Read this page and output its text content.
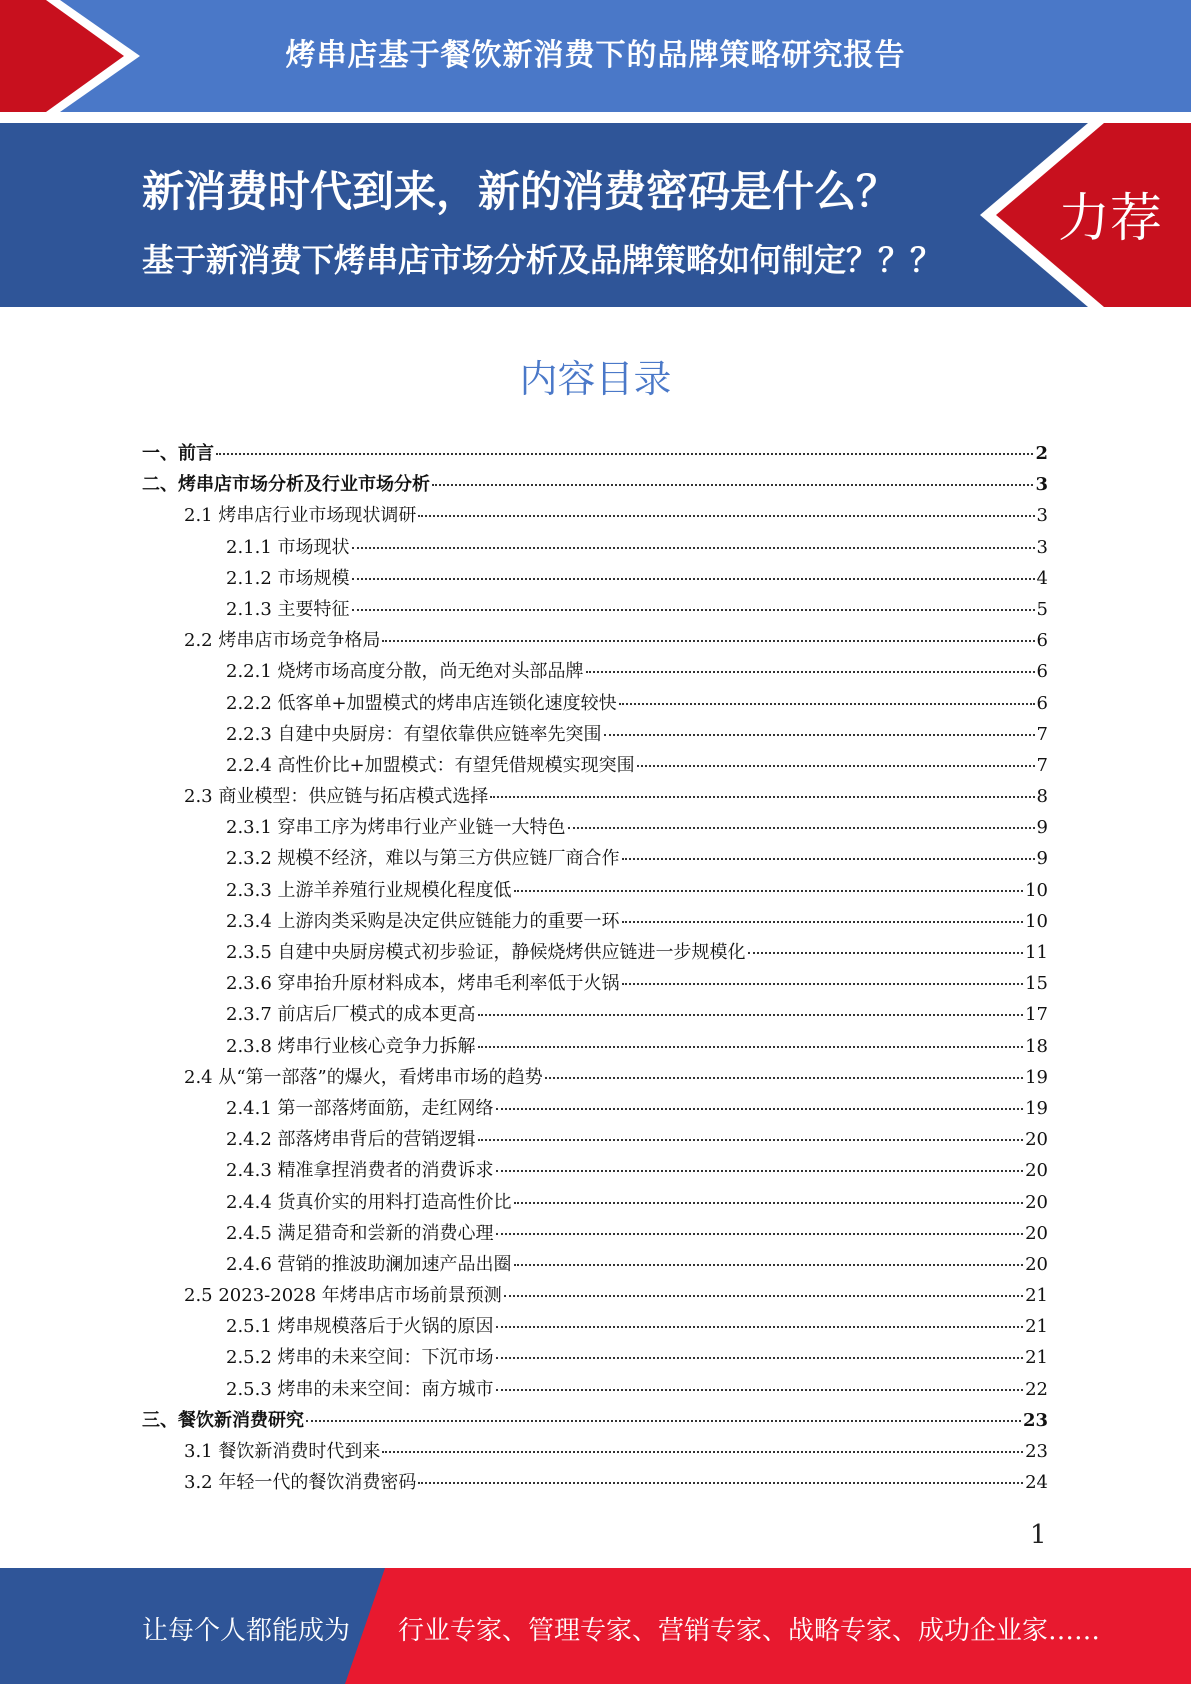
烤串店基于餐饮新消费下的品牌策略研究报告
新消费时代到来，新的消费密码是什么？
基于新消费下烤串店市场分析及品牌策略如何制定？？？
力荐
内容目录
一、前言	2
二、烤串店市场分析及行业市场分析	3
2.1 烤串店行业市场现状调研	3
2.1.1 市场现状	3
2.1.2 市场规模	4
2.1.3 主要特征	5
2.2 烤串店市场竞争格局	6
2.2.1 烧烤市场高度分散，尚无绝对头部品牌	6
2.2.2 低客单+加盟模式的烤串店连锁化速度较快	6
2.2.3 自建中央厨房：有望依靠供应链率先突围	7
2.2.4 高性价比+加盟模式：有望凭借规模实现突围	7
2.3 商业模型：供应链与拓店模式选择	8
2.3.1 穿串工序为烤串行业产业链一大特色	9
2.3.2 规模不经济，难以与第三方供应链厂商合作	9
2.3.3 上游羊养殖行业规模化程度低	10
2.3.4 上游肉类采购是决定供应链能力的重要一环	10
2.3.5 自建中央厨房模式初步验证，静候烧烤供应链进一步规模化	11
2.3.6 穿串抬升原材料成本，烤串毛利率低于火锅	15
2.3.7 前店后厂模式的成本更高	17
2.3.8 烤串行业核心竞争力拆解	18
2.4 从“第一部落”的爆火，看烤串市场的趋势	19
2.4.1 第一部落烤面筋，走红网络	19
2.4.2 部落烤串背后的营销逻辑	20
2.4.3 精准拿捏消费者的消费诉求	20
2.4.4 货真价实的用料打造高性价比	20
2.4.5 满足猎奇和尝新的消费心理	20
2.4.6 营销的推波助澜加速产品出圈	20
2.5 2023-2028 年烤串店市场前景预测	21
2.5.1 烤串规模落后于火锅的原因	21
2.5.2 烤串的未来空间：下沉市场	21
2.5.3 烤串的未来空间：南方城市	22
三、餐饮新消费研究	23
3.1 餐饮新消费时代到来	23
3.2 年轻一代的餐饮消费密码	24
1
让每个人都能成为 行业专家、管理专家、营销专家、战略专家、成功企业家……
